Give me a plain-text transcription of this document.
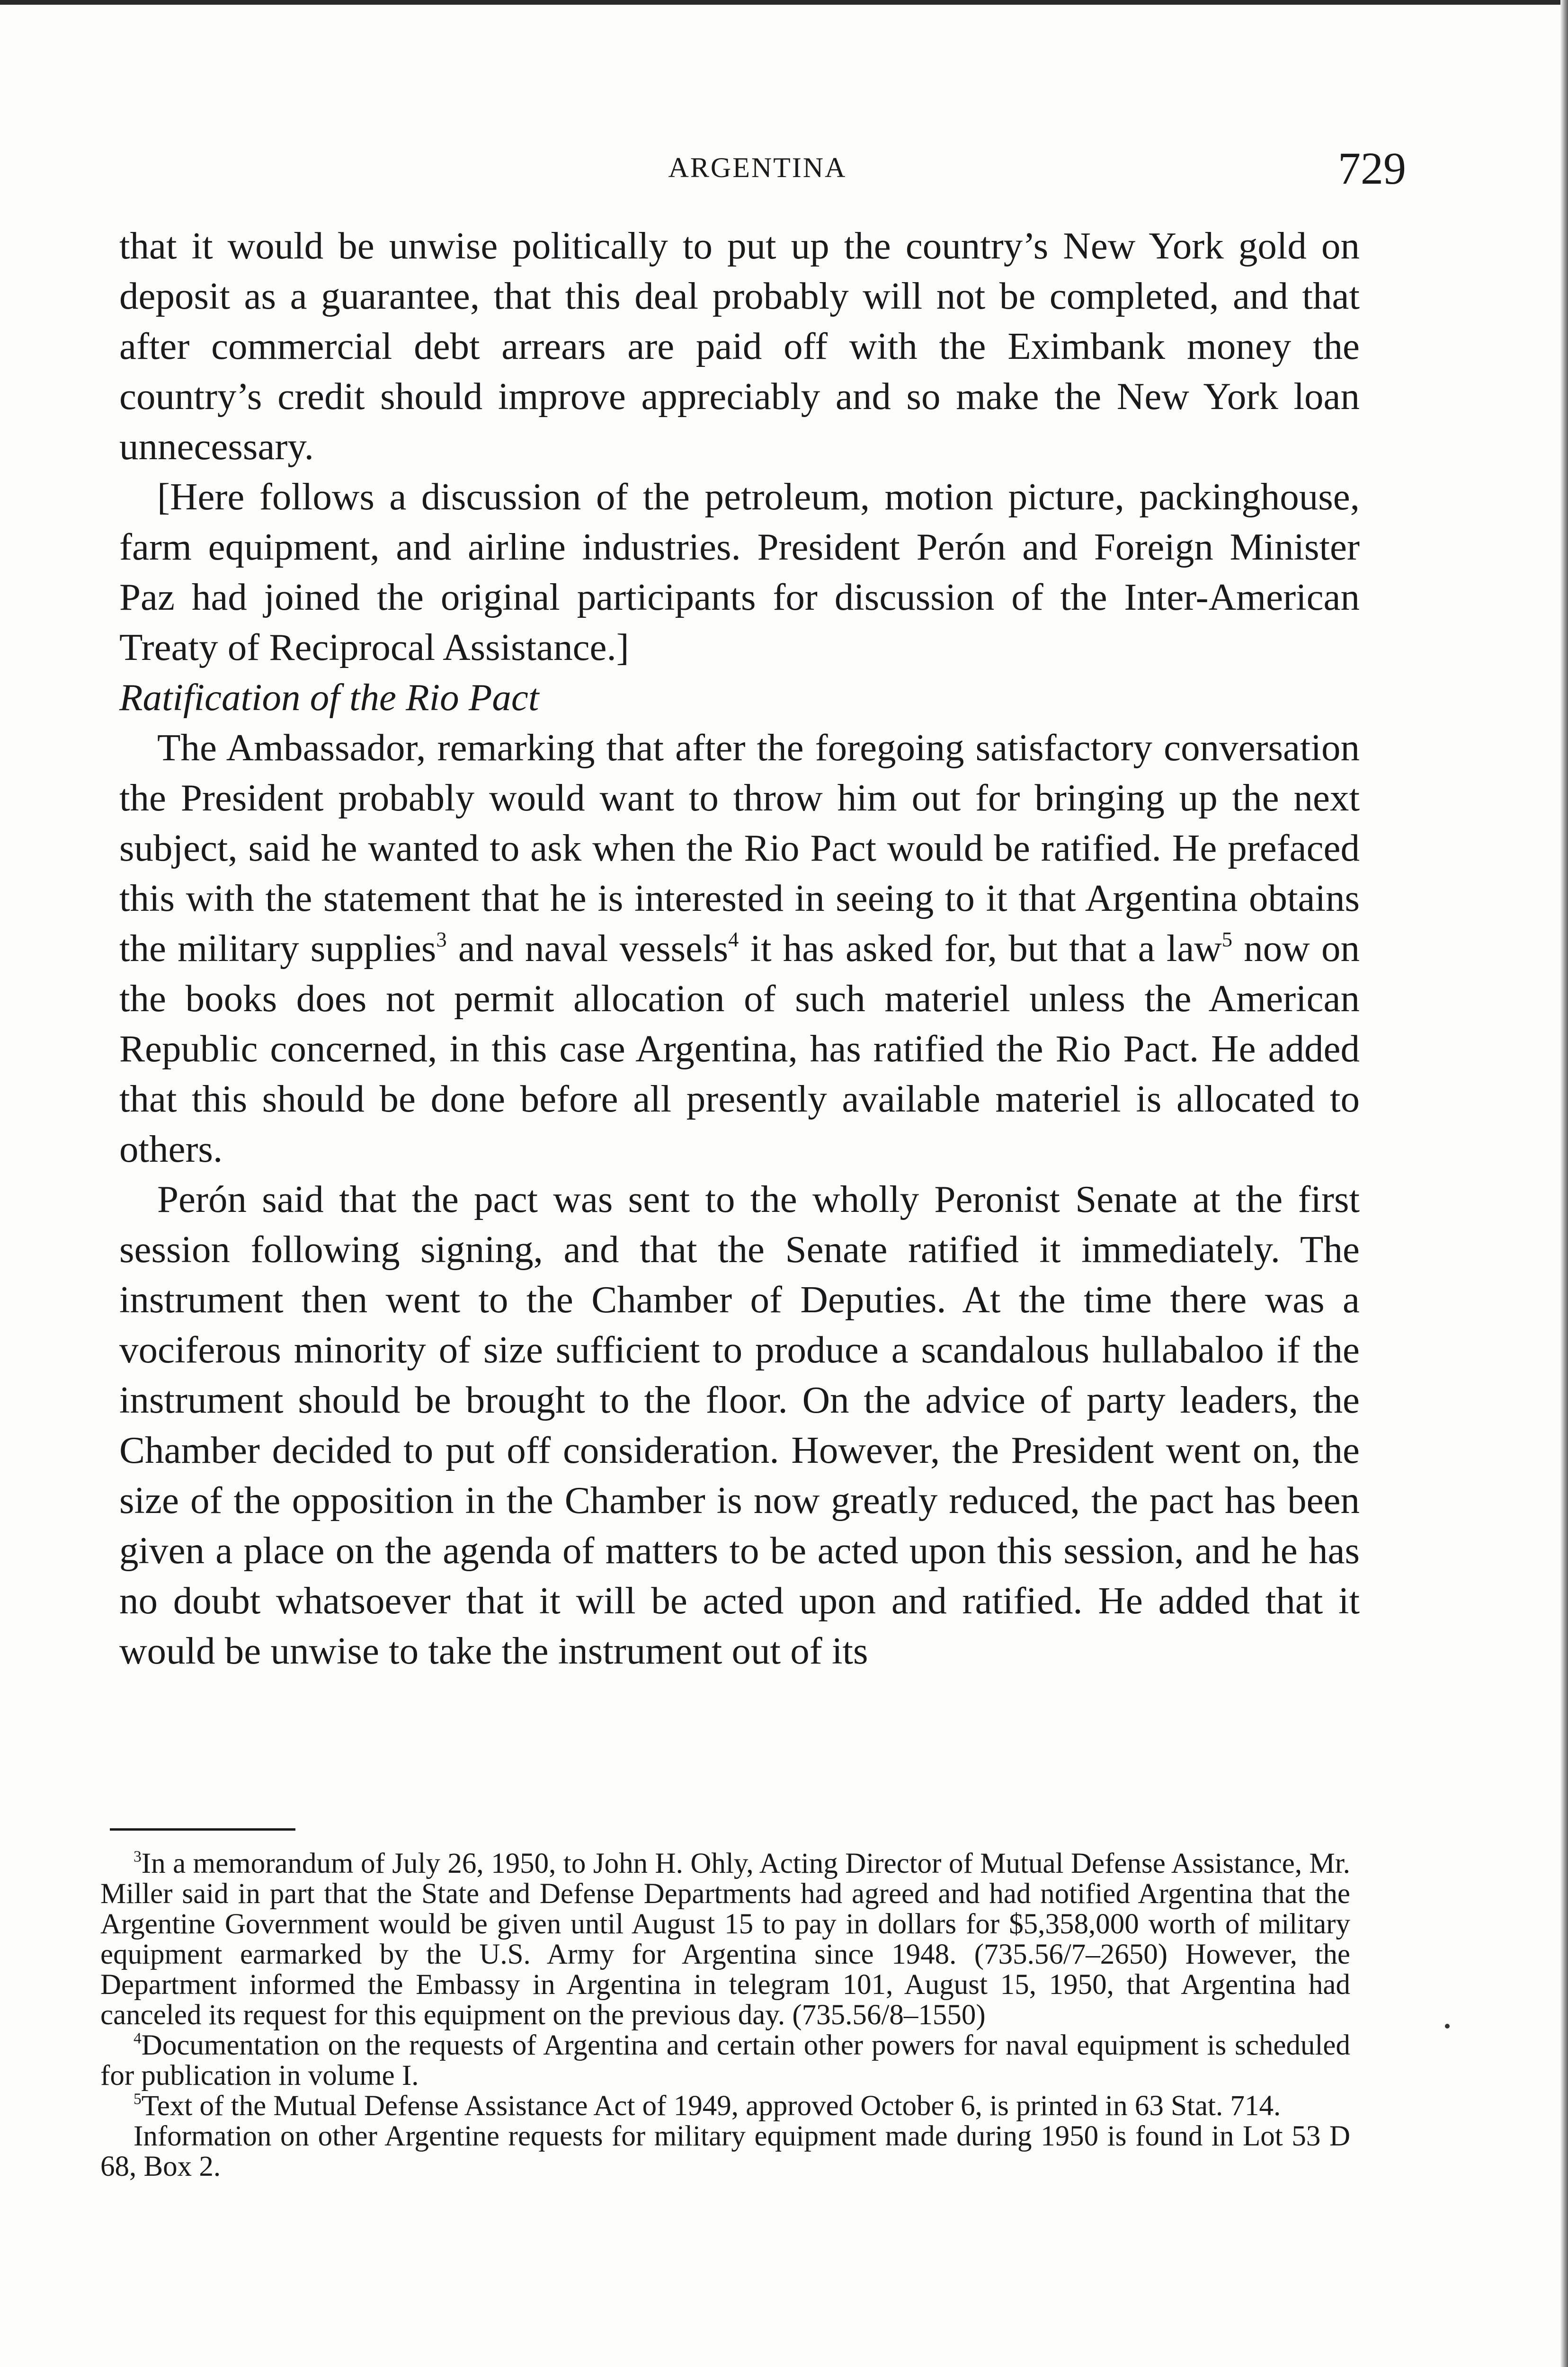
ARGENTINA	729

that it would be unwise politically to put up the country’s New York gold on deposit as a guarantee, that this deal probably will not be completed, and that after commercial debt arrears are paid off with the Eximbank money the country’s credit should improve appreciably and so make the New York loan unnecessary.

[Here follows a discussion of the petroleum, motion picture, packinghouse, farm equipment, and airline industries. President Perón and Foreign Minister Paz had joined the original participants for discussion of the Inter-American Treaty of Reciprocal Assistance.]

Ratification of the Rio Pact

The Ambassador, remarking that after the foregoing satisfactory conversation the President probably would want to throw him out for bringing up the next subject, said he wanted to ask when the Rio Pact would be ratified. He prefaced this with the statement that he is interested in seeing to it that Argentina obtains the military supplies$^3$ and naval vessels$^4$ it has asked for, but that a law$^5$ now on the books does not permit allocation of such materiel unless the American Republic concerned, in this case Argentina, has ratified the Rio Pact. He added that this should be done before all presently available materiel is allocated to others.

Perón said that the pact was sent to the wholly Peronist Senate at the first session following signing, and that the Senate ratified it immediately. The instrument then went to the Chamber of Deputies. At the time there was a vociferous minority of size sufficient to produce a scandalous hullabaloo if the instrument should be brought to the floor. On the advice of party leaders, the Chamber decided to put off consideration. However, the President went on, the size of the opposition in the Chamber is now greatly reduced, the pact has been given a place on the agenda of matters to be acted upon this session, and he has no doubt whatsoever that it will be acted upon and ratified. He added that it would be unwise to take the instrument out of its

$^3$In a memorandum of July 26, 1950, to John H. Ohly, Acting Director of Mutual Defense Assistance, Mr. Miller said in part that the State and Defense Departments had agreed and had notified Argentina that the Argentine Government would be given until August 15 to pay in dollars for $5,358,000 worth of military equipment earmarked by the U.S. Army for Argentina since 1948. (735.56/7–2650) However, the Department informed the Embassy in Argentina in telegram 101, August 15, 1950, that Argentina had canceled its request for this equipment on the previous day. (735.56/8–1550)

$^4$Documentation on the requests of Argentina and certain other powers for naval equipment is scheduled for publication in volume I.

$^5$Text of the Mutual Defense Assistance Act of 1949, approved October 6, is printed in 63 Stat. 714.

Information on other Argentine requests for military equipment made during 1950 is found in Lot 53 D 68, Box 2.
